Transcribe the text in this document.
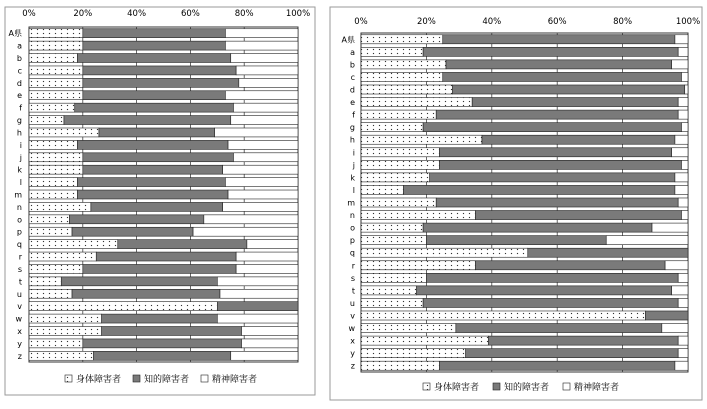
0%	20%	40%	60%	80%	100%
A県
a
b
c
d
e
f
g
h
i
j
k
l
m
n
o
p
q
r
s
t
u
v
w
x
y
z
身体障害者	知的障害者	精神障害者
0%	20%	40%	60%	80%	100%
A県
a
b
c
d
e
f
g
h
i
j
k
l
m
n
o
p
q
r
s
t
u
v
w
x
y
z
身体障害者	知的障害者	精神障害者
